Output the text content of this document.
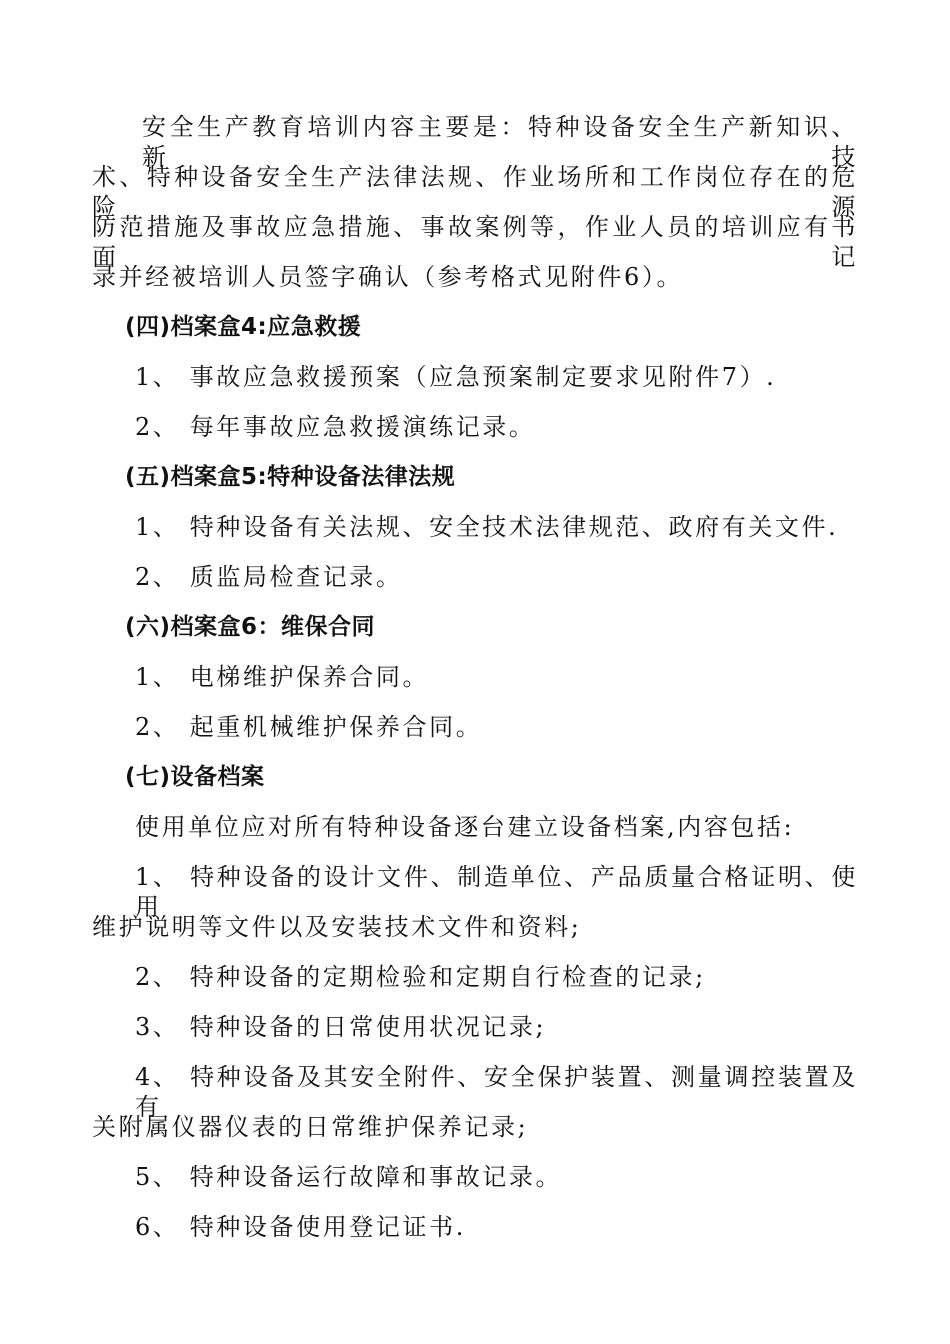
安全生产教育培训内容主要是：特种设备安全生产新知识、新技
术、特种设备安全生产法律法规、作业场所和工作岗位存在的危险源
防范措施及事故应急措施、事故案例等，作业人员的培训应有书面记
录并经被培训人员签字确认（参考格式见附件6）。
(四)档案盒4:应急救援
1、 事故应急救援预案（应急预案制定要求见附件7）.
2、 每年事故应急救援演练记录。
(五)档案盒5:特种设备法律法规
1、 特种设备有关法规、安全技术法律规范、政府有关文件.
2、 质监局检查记录。
(六)档案盒6：维保合同
1、 电梯维护保养合同。
2、 起重机械维护保养合同。
(七)设备档案
使用单位应对所有特种设备逐台建立设备档案,内容包括:
1、 特种设备的设计文件、制造单位、产品质量合格证明、使用
维护说明等文件以及安装技术文件和资料;
2、 特种设备的定期检验和定期自行检查的记录;
3、 特种设备的日常使用状况记录;
4、 特种设备及其安全附件、安全保护装置、测量调控装置及有
关附属仪器仪表的日常维护保养记录;
5、 特种设备运行故障和事故记录。
6、 特种设备使用登记证书.
